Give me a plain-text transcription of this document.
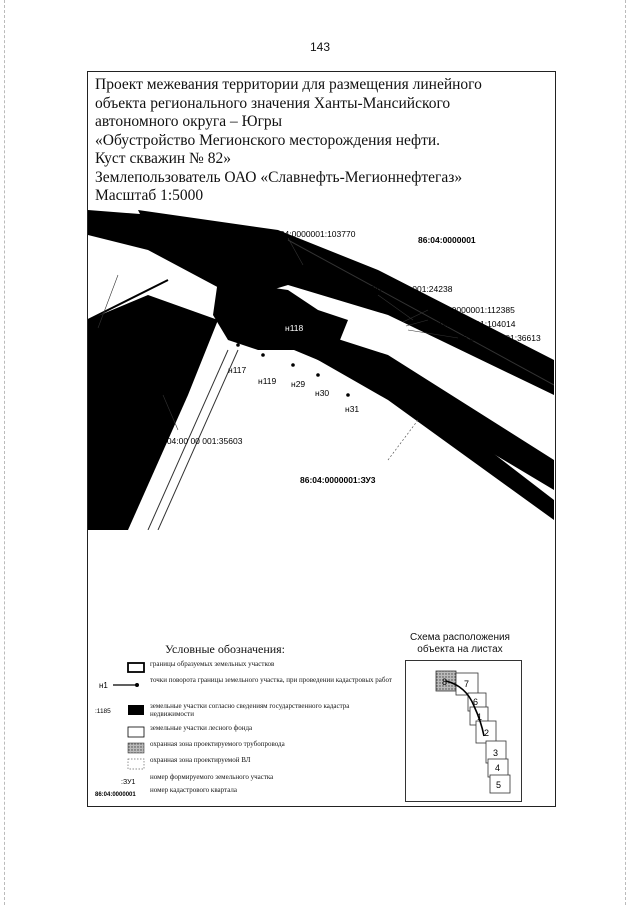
143
Проект межевания территории для размещения линейного
объекта регионального значения Ханты-Мансийского
автономного округа – Югры
«Обустройство Мегионского месторождения нефти.
Куст скважин № 82»
Землепользователь ОАО «Славнефть-Мегионнефтегаз»
Масштаб 1:5000
86:04:0000001:103770
86:04:0000001
86:04:00 00 001:24238
86:04:0000001:112385
86:04:0000001:104014
86:04:0000001:36613
86:04:00 00 001:
86:04:0000001:
86:04:00 00 001:35603
86:04:0000001:ЗУ3
н118
н117
н119 н29
н30
н31
Условные обозначения:
границы образуемых земельных участков
н1
точки поворота границы земельного участка, при проведении кадастровых работ
:1185
земельные участки согласно сведениям государственного кадастра недвижимости
земельные участки лесного фонда
охранная зона проектируемого трубопровода
охранная зона проектируемой ВЛ
:ЗУ1
номер формируемого земельного участка
86:04:0000001
номер кадастрового квартала
Схема расположения
объекта на листах
8 7
6
1
2
3
4
5
